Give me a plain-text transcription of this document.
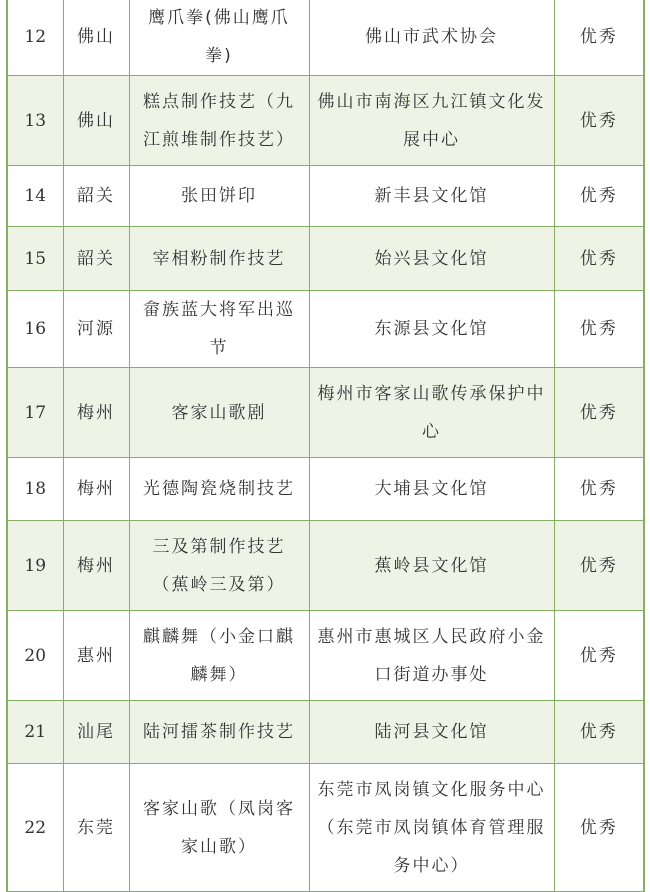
12	佛山	鹰爪拳(佛山鹰爪拳)	佛山市武术协会	优秀
13	佛山	糕点制作技艺（九江煎堆制作技艺）	佛山市南海区九江镇文化发展中心	优秀
14	韶关	张田饼印	新丰县文化馆	优秀
15	韶关	宰相粉制作技艺	始兴县文化馆	优秀
16	河源	畲族蓝大将军出巡节	东源县文化馆	优秀
17	梅州	客家山歌剧	梅州市客家山歌传承保护中心	优秀
18	梅州	光德陶瓷烧制技艺	大埔县文化馆	优秀
19	梅州	三及第制作技艺（蕉岭三及第）	蕉岭县文化馆	优秀
20	惠州	麒麟舞（小金口麒麟舞）	惠州市惠城区人民政府小金口街道办事处	优秀
21	汕尾	陆河擂茶制作技艺	陆河县文化馆	优秀
22	东莞	客家山歌（凤岗客家山歌）	东莞市凤岗镇文化服务中心（东莞市凤岗镇体育管理服务中心）	优秀
